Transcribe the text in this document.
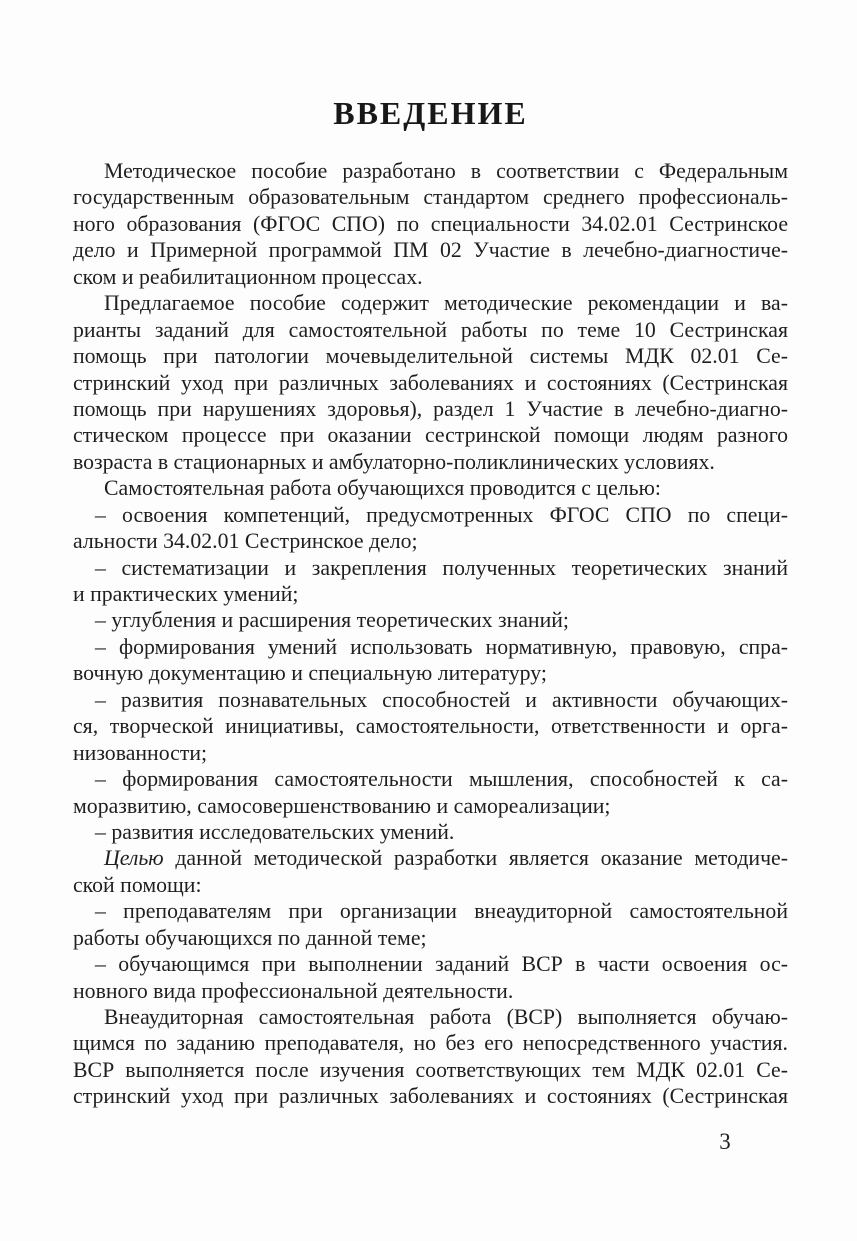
ВВЕДЕНИЕ
Методическое пособие разработано в соответствии с Федеральным
государственным образовательным стандартом среднего профессиональ-
ного образования (ФГОС СПО) по специальности 34.02.01 Сестринское
дело и Примерной программой ПМ 02 Участие в лечебно-диагностиче-
ском и реабилитационном процессах.
Предлагаемое пособие содержит методические рекомендации и ва-
рианты заданий для самостоятельной работы по теме 10 Сестринская
помощь при патологии мочевыделительной системы МДК 02.01 Се-
стринский уход при различных заболеваниях и состояниях (Сестринская
помощь при нарушениях здоровья), раздел 1 Участие в лечебно-диагно-
стическом процессе при оказании сестринской помощи людям разного
возраста в стационарных и амбулаторно-поликлинических условиях.
Самостоятельная работа обучающихся проводится с целью:
– освоения компетенций, предусмотренных ФГОС СПО по специ-
альности 34.02.01 Сестринское дело;
– систематизации и закрепления полученных теоретических знаний
и практических умений;
– углубления и расширения теоретических знаний;
– формирования умений использовать нормативную, правовую, спра-
вочную документацию и специальную литературу;
– развития познавательных способностей и активности обучающих-
ся, творческой инициативы, самостоятельности, ответственности и орга-
низованности;
– формирования самостоятельности мышления, способностей к са-
моразвитию, самосовершенствованию и самореализации;
– развития исследовательских умений.
Целью данной методической разработки является оказание методиче-
ской помощи:
– преподавателям при организации внеаудиторной самостоятельной
работы обучающихся по данной теме;
– обучающимся при выполнении заданий ВСР в части освоения ос-
новного вида профессиональной деятельности.
Внеаудиторная самостоятельная работа (ВСР) выполняется обучаю-
щимся по заданию преподавателя, но без его непосредственного участия.
ВСР выполняется после изучения соответствующих тем МДК 02.01 Се-
стринский уход при различных заболеваниях и состояниях (Сестринская
3
